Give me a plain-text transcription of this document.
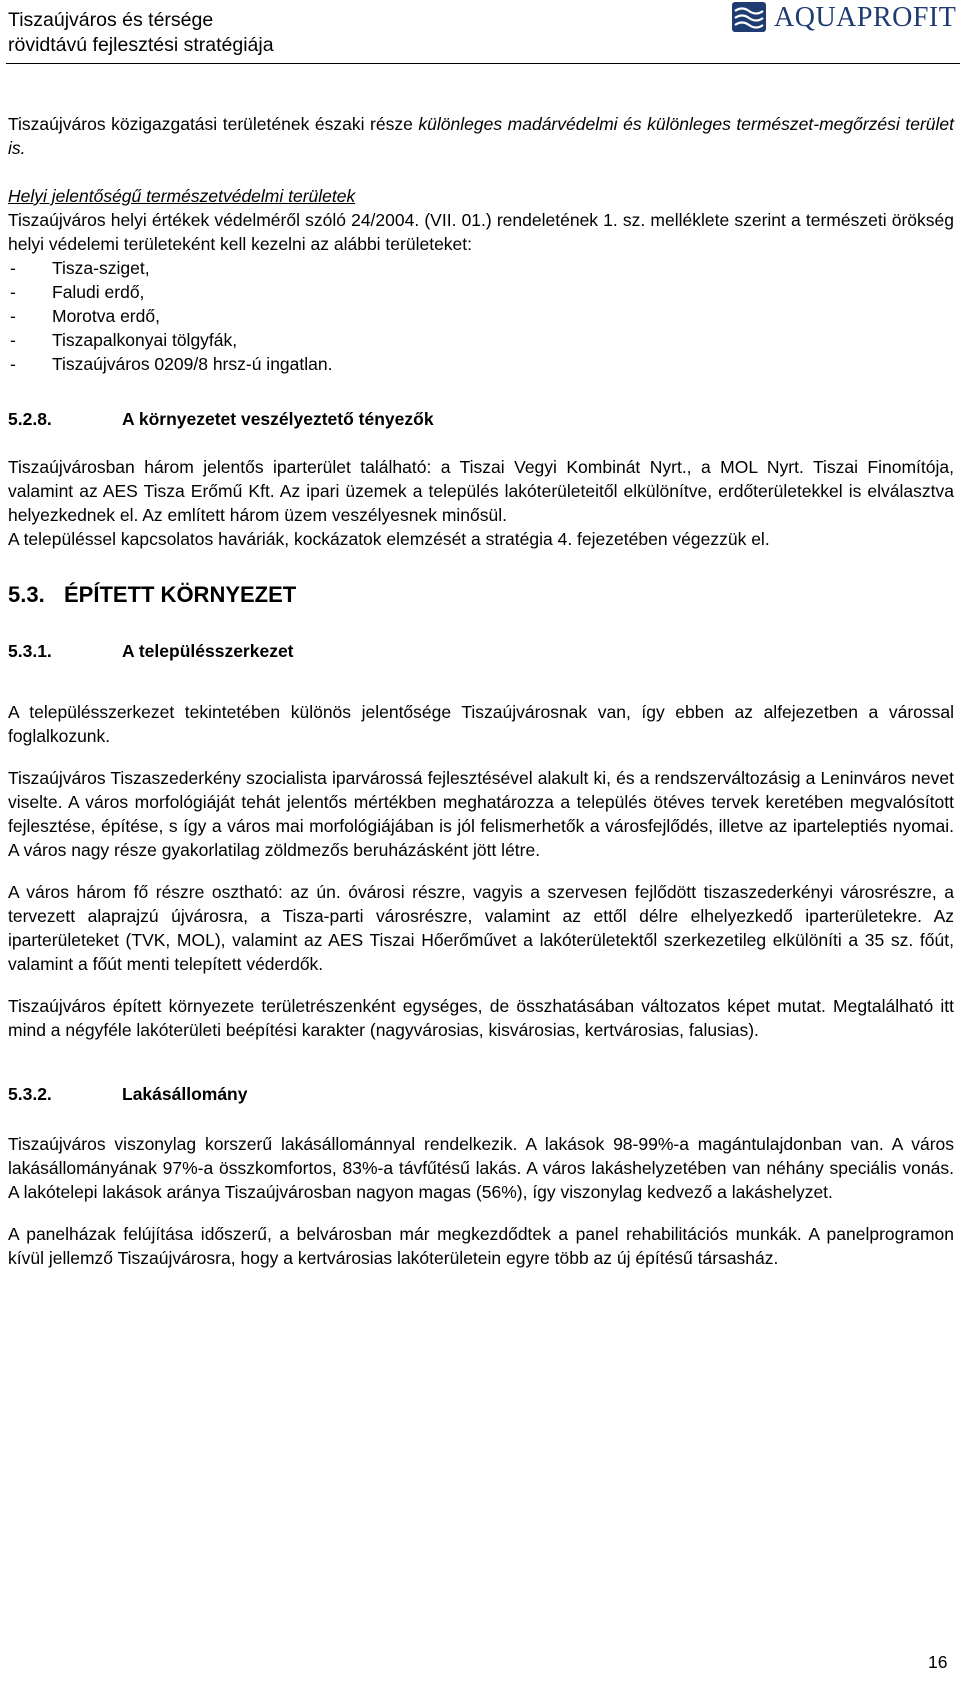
Tiszaújváros és térsége
rövidtávú fejlesztési stratégiája
AQUAPROFIT

Tiszaújváros közigazgatási területének északi része különleges madárvédelmi és különleges természet-megőrzési terület is.

Helyi jelentőségű természetvédelmi területek

Tiszaújváros helyi értékek védelméről szóló 24/2004. (VII. 01.) rendeletének 1. sz. melléklete szerint a természeti örökség helyi védelemi területeként kell kezelni az alábbi területeket:

- Tisza-sziget,
- Faludi erdő,
- Morotva erdő,
- Tiszapalkonyai tölgyfák,
- Tiszaújváros 0209/8 hrsz-ú ingatlan.
5.2.8.	A környezetet veszélyeztető tényezők

Tiszaújvárosban három jelentős iparterület található: a Tiszai Vegyi Kombinát Nyrt., a MOL Nyrt. Tiszai Finomítója, valamint az AES Tisza Erőmű Kft. Az ipari üzemek a település lakóterületeitől elkülönítve, erdőterületekkel is elválasztva helyezkednek el. Az említett három üzem veszélyesnek minősül.

A településsel kapcsolatos haváriák, kockázatok elemzését a stratégia 4. fejezetében végezzük el.

5.3. ÉPÍTETT KÖRNYEZET
5.3.1.	A településszerkezet

A településszerkezet tekintetében különös jelentősége Tiszaújvárosnak van, így ebben az alfejezetben a várossal foglalkozunk.

Tiszaújváros Tiszaszederkény szocialista iparvárossá fejlesztésével alakult ki, és a rendszerváltozásig a Leninváros nevet viselte. A város morfológiáját tehát jelentős mértékben meghatározza a település ötéves tervek keretében megvalósított fejlesztése, építése, s így a város mai morfológiájában is jól felismerhetők a városfejlődés, illetve az iparteleptiés nyomai. A város nagy része gyakorlatilag zöldmezős beruházásként jött létre.

A város három fő részre osztható: az ún. óvárosi részre, vagyis a szervesen fejlődött tiszaszederkényi városrészre, a tervezett alaprajzú újvárosra, a Tisza-parti városrészre, valamint az ettől délre elhelyezkedő iparterületekre. Az iparterületeket (TVK, MOL), valamint az AES Tiszai Hőerőművet a lakóterületektől szerkezetileg elkülöníti a 35 sz. főút, valamint a főút menti telepített véderdők.

Tiszaújváros épített környezete területrészenként egységes, de összhatásában változatos képet mutat. Megtalálható itt mind a négyféle lakóterületi beépítési karakter (nagyvárosias, kisvárosias, kertvárosias, falusias).

5.3.2.	Lakásállomány

Tiszaújváros viszonylag korszerű lakásállománnyal rendelkezik. A lakások 98-99%-a magántulajdonban van. A város lakásállományának 97%-a összkomfortos, 83%-a távfűtésű lakás. A város lakáshelyzetében van néhány speciális vonás. A lakótelepi lakások aránya Tiszaújvárosban nagyon magas (56%), így viszonylag kedvező a lakáshelyzet.

A panelházak felújítása időszerű, a belvárosban már megkezdődtek a panel rehabilitációs munkák. A panelprogramon kívül jellemző Tiszaújvárosra, hogy a kertvárosias lakóterületein egyre több az új építésű társasház.

16
